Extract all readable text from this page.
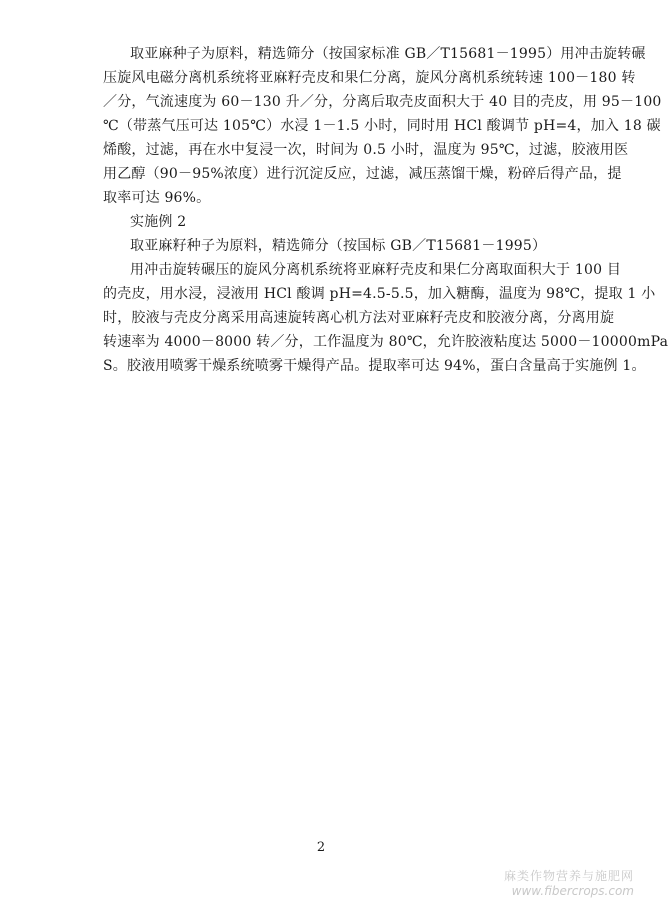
取亚麻种子为原料，精选筛分（按国家标准 GB／T15681－1995）用冲击旋转碾
压旋风电磁分离机系统将亚麻籽壳皮和果仁分离，旋风分离机系统转速 100－180 转
／分，气流速度为 60－130 升／分，分离后取壳皮面积大于 40 目的壳皮，用 95－100
℃（带蒸气压可达 105℃）水浸 1－1.5 小时，同时用 HCl 酸调节 pH=4，加入 18 碳
烯酸，过滤，再在水中复浸一次，时间为 0.5 小时，温度为 95℃，过滤，胶液用医
用乙醇（90－95%浓度）进行沉淀反应，过滤，减压蒸馏干燥，粉碎后得产品，提
取率可达 96%。
实施例 2
取亚麻籽种子为原料，精选筛分（按国标 GB／T15681－1995）
用冲击旋转碾压的旋风分离机系统将亚麻籽壳皮和果仁分离取面积大于 100 目
的壳皮，用水浸，浸液用 HCl 酸调 pH=4.5-5.5，加入糖酶，温度为 98℃，提取 1 小
时，胶液与壳皮分离采用高速旋转离心机方法对亚麻籽壳皮和胶液分离，分离用旋
转速率为 4000－8000 转／分，工作温度为 80℃，允许胶液粘度达 5000－10000mPa
S。胶液用喷雾干燥系统喷雾干燥得产品。提取率可达 94%，蛋白含量高于实施例 1。
2
麻类作物营养与施肥网
www.fibercrops.com
